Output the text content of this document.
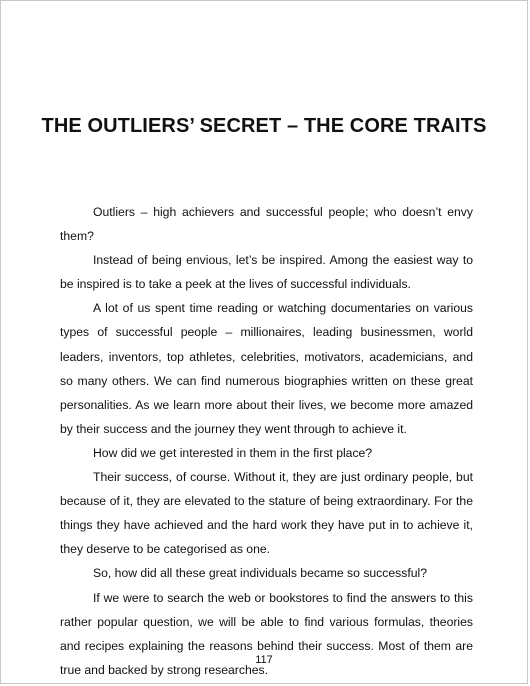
THE OUTLIERS’ SECRET – THE CORE TRAITS

Outliers – high achievers and successful people; who doesn’t envy them?

Instead of being envious, let’s be inspired. Among the easiest way to be inspired is to take a peek at the lives of successful individuals.

A lot of us spent time reading or watching documentaries on various types of successful people – millionaires, leading businessmen, world leaders, inventors, top athletes, celebrities, motivators, academicians, and so many others. We can find numerous biographies written on these great personalities. As we learn more about their lives, we become more amazed by their success and the journey they went through to achieve it.

How did we get interested in them in the first place?

Their success, of course. Without it, they are just ordinary people, but because of it, they are elevated to the stature of being extraordinary. For the things they have achieved and the hard work they have put in to achieve it, they deserve to be categorised as one.

So, how did all these great individuals became so successful?

If we were to search the web or bookstores to find the answers to this rather popular question, we will be able to find various formulas, theories and recipes explaining the reasons behind their success. Most of them are true and backed by strong researches.

117
